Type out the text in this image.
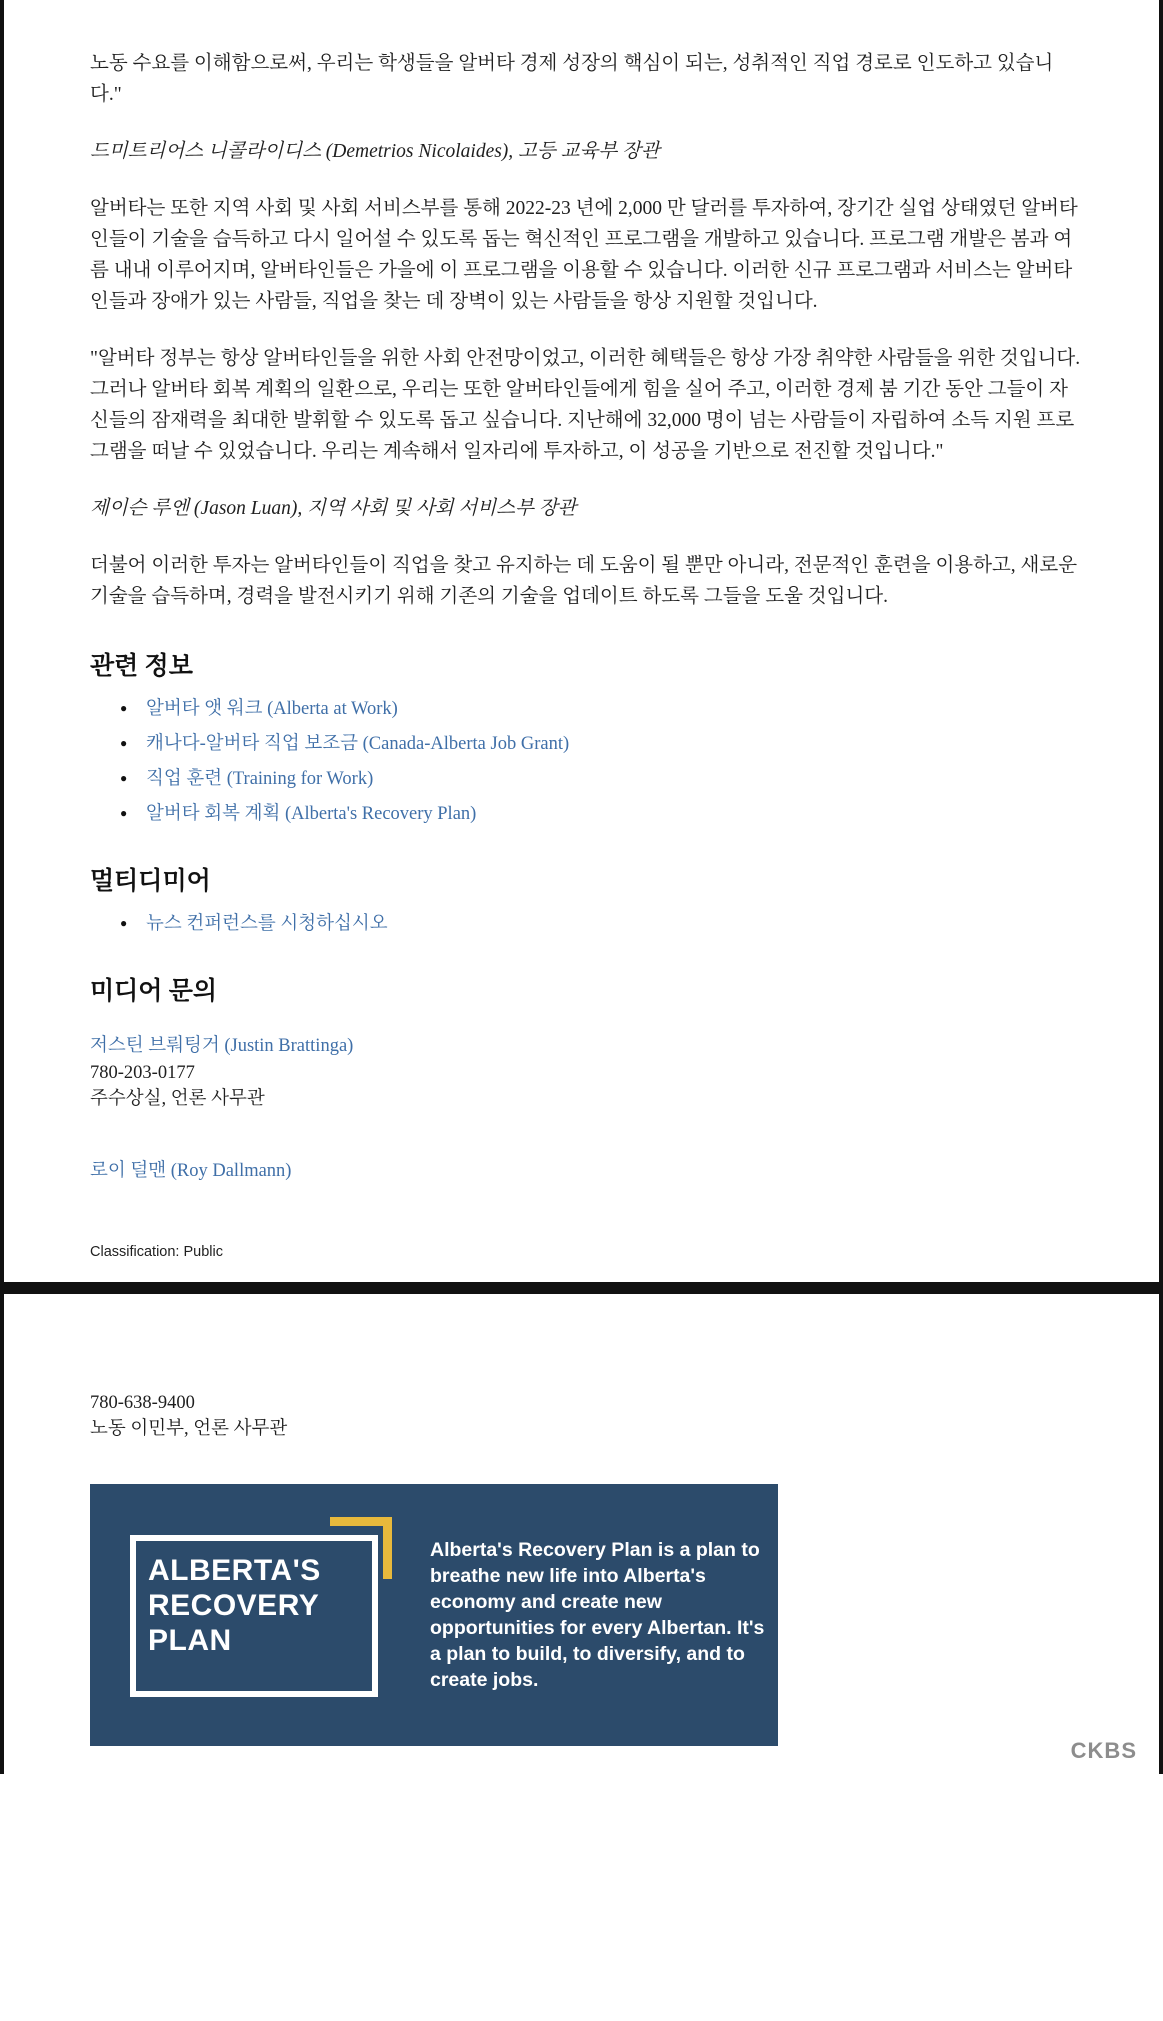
노동 수요를 이해함으로써, 우리는 학생들을 알버타 경제 성장의 핵심이 되는, 성취적인 직업 경로로 인도하고 있습니다."

드미트리어스 니콜라이디스 (Demetrios Nicolaides), 고등 교육부 장관

알버타는 또한 지역 사회 및 사회 서비스부를 통해 2022-23 년에 2,000 만 달러를 투자하여, 장기간 실업 상태였던 알버타인들이 기술을 습득하고 다시 일어설 수 있도록 돕는 혁신적인 프로그램을 개발하고 있습니다. 프로그램 개발은 봄과 여름 내내 이루어지며, 알버타인들은 가을에 이 프로그램을 이용할 수 있습니다. 이러한 신규 프로그램과 서비스는 알버타인들과 장애가 있는 사람들, 직업을 찾는 데 장벽이 있는 사람들을 항상 지원할 것입니다.

"알버타 정부는 항상 알버타인들을 위한 사회 안전망이었고, 이러한 혜택들은 항상 가장 취약한 사람들을 위한 것입니다. 그러나 알버타 회복 계획의 일환으로, 우리는 또한 알버타인들에게 힘을 실어 주고, 이러한 경제 붐 기간 동안 그들이 자신들의 잠재력을 최대한 발휘할 수 있도록 돕고 싶습니다. 지난해에 32,000 명이 넘는 사람들이 자립하여 소득 지원 프로그램을 떠날 수 있었습니다. 우리는 계속해서 일자리에 투자하고, 이 성공을 기반으로 전진할 것입니다."

제이슨 루엔 (Jason Luan), 지역 사회 및 사회 서비스부 장관

더불어 이러한 투자는 알버타인들이 직업을 찾고 유지하는 데 도움이 될 뿐만 아니라, 전문적인 훈련을 이용하고, 새로운 기술을 습득하며, 경력을 발전시키기 위해 기존의 기술을 업데이트 하도록 그들을 도울 것입니다.

관련 정보
● 알버타 앳 워크 (Alberta at Work)
● 캐나다-알버타 직업 보조금 (Canada-Alberta Job Grant)
● 직업 훈련 (Training for Work)
● 알버타 회복 계획 (Alberta's Recovery Plan)
멀티디미어
● 뉴스 컨퍼런스를 시청하십시오
미디어 문의
저스틴 브뤄팅거 (Justin Brattinga)
780-203-0177
주수상실, 언론 사무관
로이 덜맨 (Roy Dallmann)
Classification: Public
780-638-9400
노동 이민부, 언론 사무관
ALBERTA'S
RECOVERY
PLAN
Alberta's Recovery Plan is a plan to breathe new life into Alberta's economy and create new opportunities for every Albertan. It's a plan to build, to diversify, and to create jobs.
CKBS
